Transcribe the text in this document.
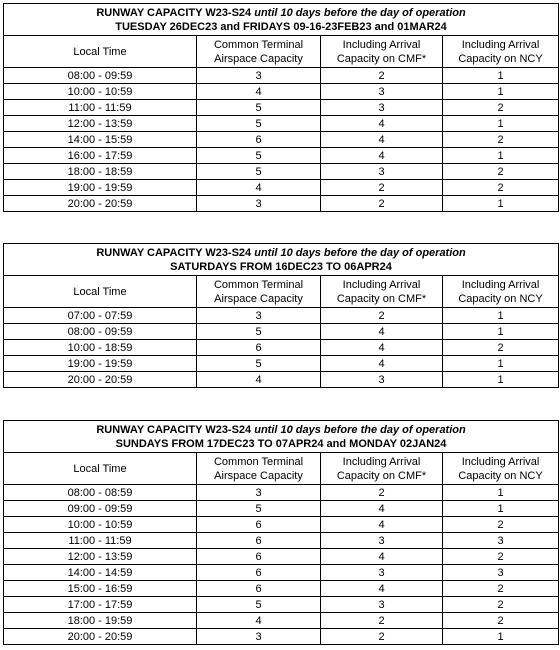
RUNWAY CAPACITY W23-S24 until 10 days before the day of operation
TUESDAY 26DEC23 and FRIDAYS 09-16-23FEB23 and 01MAR24			
Local Time	Common Terminal Airspace Capacity	Including Arrival Capacity on CMF*	Including Arrival Capacity on NCY
08:00 - 09:59	3	2	1
10:00 - 10:59	4	3	1
11:00 - 11:59	5	3	2
12:00 - 13:59	5	4	1
14:00 - 15:59	6	4	2
16:00 - 17:59	5	4	1
18:00 - 18:59	5	3	2
19:00 - 19:59	4	2	2
20:00 - 20:59	3	2	1
RUNWAY CAPACITY W23-S24 until 10 days before the day of operation
SATURDAYS FROM 16DEC23 TO 06APR24			
Local Time	Common Terminal Airspace Capacity	Including Arrival Capacity on CMF*	Including Arrival Capacity on NCY
07:00 - 07:59	3	2	1
08:00 - 09:59	5	4	1
10:00 - 18:59	6	4	2
19:00 - 19:59	5	4	1
20:00 - 20:59	4	3	1
RUNWAY CAPACITY W23-S24 until 10 days before the day of operation
SUNDAYS FROM 17DEC23 TO 07APR24 and MONDAY 02JAN24			
Local Time	Common Terminal Airspace Capacity	Including Arrival Capacity on CMF*	Including Arrival Capacity on NCY
08:00 - 08:59	3	2	1
09:00 - 09:59	5	4	1
10:00 - 10:59	6	4	2
11:00 - 11:59	6	3	3
12:00 - 13:59	6	4	2
14:00 - 14:59	6	3	3
15:00 - 16:59	6	4	2
17:00 - 17:59	5	3	2
18:00 - 19:59	4	2	2
20:00 - 20:59	3	2	1
